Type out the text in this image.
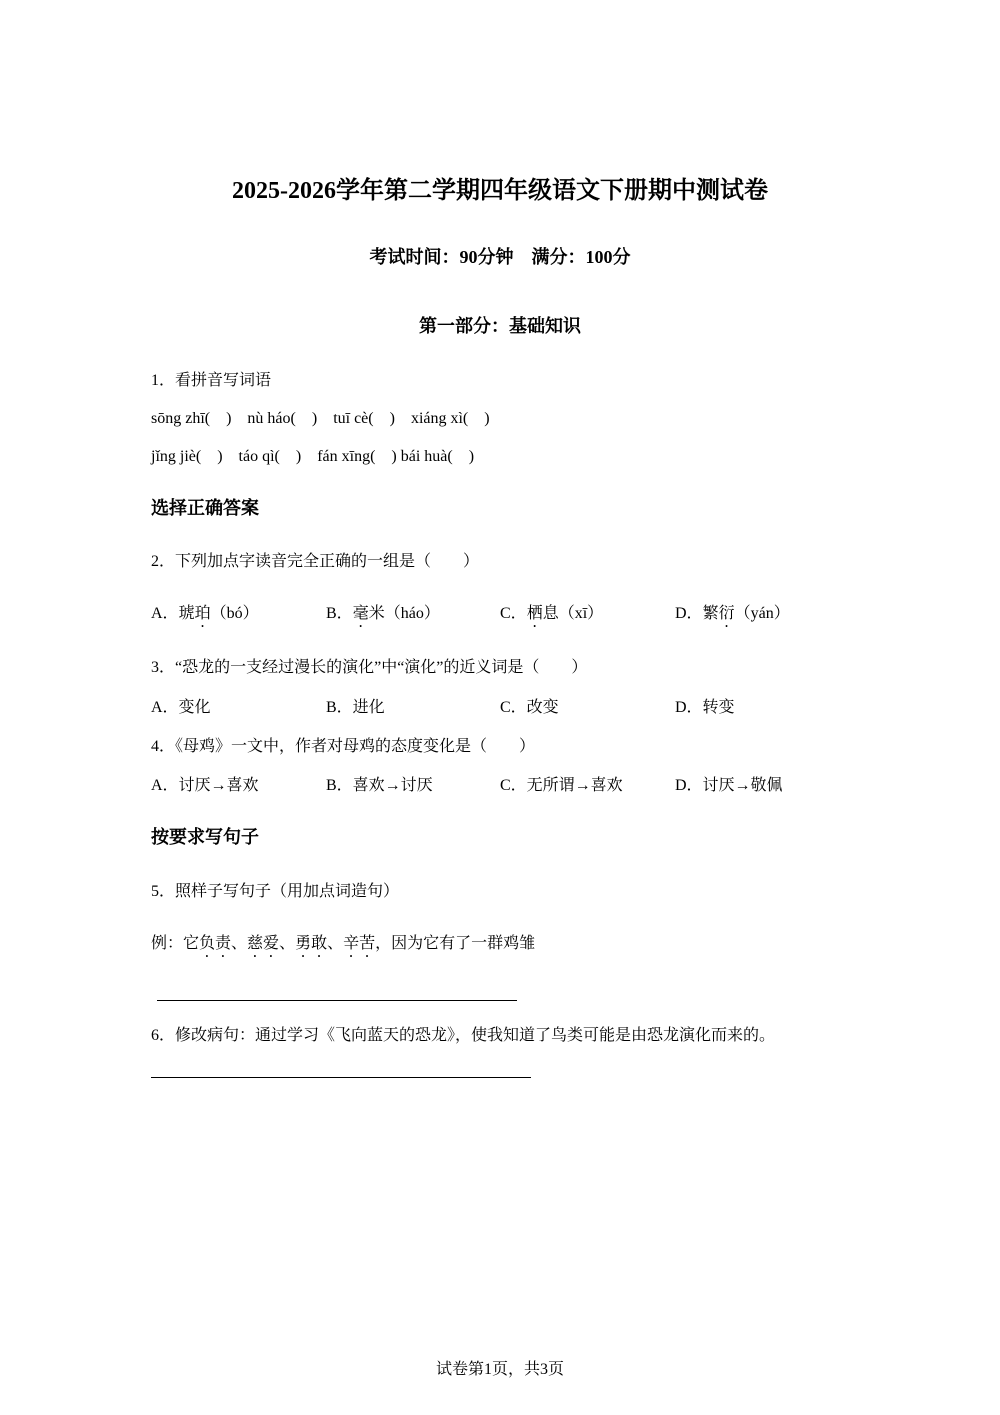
2025-2026学年第二学期四年级语文下册期中测试卷
考试时间：90分钟　满分：100分
第一部分：基础知识
1．看拼音写词语
sōng zhī(　)　nù háo(　)　tuī cè(　)　xiáng xì(　)
jǐng jiè(　)　táo qì(　)　fán xīng(　) bái huà(　)
选择正确答案
2．下列加点字读音完全正确的一组是（　　）
A．琥珀（bó）	B．毫米（háo）	C．栖息（xī）	D．繁衍（yán）
3．“恐龙的一支经过漫长的演化”中“演化”的近义词是（　　）
A．变化	B．进化	C．改变	D．转变
4．《母鸡》一文中，作者对母鸡的态度变化是（　　）
A．讨厌→喜欢	B．喜欢→讨厌	C．无所谓→喜欢	D．讨厌→敬佩
按要求写句子
5．照样子写句子（用加点词造句）
例：它负责、慈爱、勇敢、辛苦，因为它有了一群鸡雏
6．修改病句：通过学习《飞向蓝天的恐龙》，使我知道了鸟类可能是由恐龙演化而来的。
试卷第1页，共3页
